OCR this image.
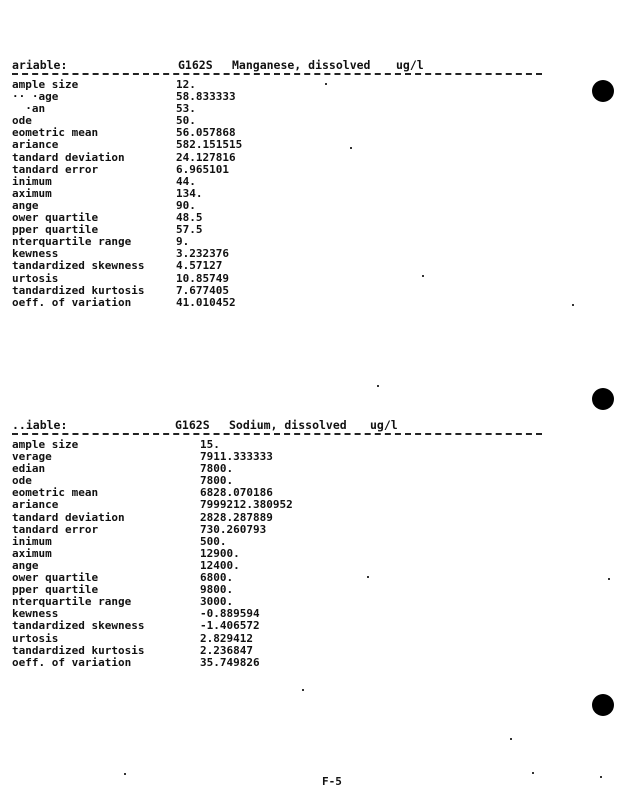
ariable:	G162S Manganese, dissolved ug/l
ample size	12.
·· ·age	58.833333
·an	53.
ode	50.
eometric mean	56.057868
ariance	582.151515
tandard deviation	24.127816
tandard error	6.965101
inimum	44.
aximum	134.
ange	90.
ower quartile	48.5
pper quartile	57.5
nterquartile range	9.
kewness	3.232376
tandardized skewness	4.57127
urtosis	10.85749
tandardized kurtosis	7.677405
oeff. of variation	41.010452
..iable:	G162S Sodium, dissolved ug/l
ample size	15.
verage	7911.333333
edian	7800.
ode	7800.
eometric mean	6828.070186
ariance	7999212.380952
tandard deviation	2828.287889
tandard error	730.260793
inimum	500.
aximum	12900.
ange	12400.
ower quartile	6800.
pper quartile	9800.
nterquartile range	3000.
kewness	-0.889594
tandardized skewness	-1.406572
urtosis	2.829412
tandardized kurtosis	2.236847
oeff. of variation	35.749826
F-5
